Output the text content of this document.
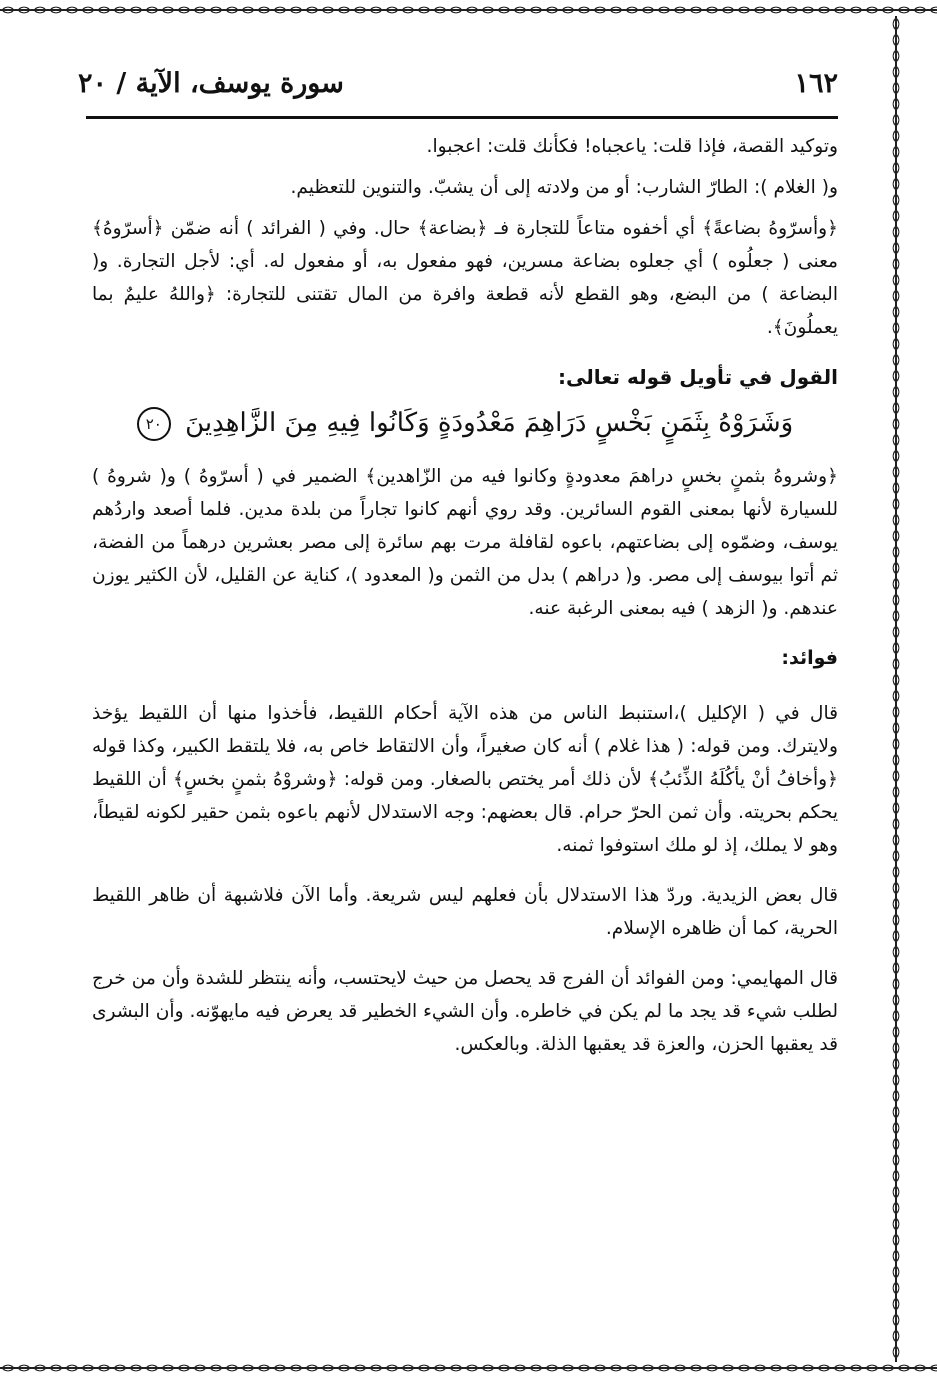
سورة يوسف، الآية / ٢٠	١٦٢

وتوكيد القصة، فإذا قلت: ياعجباه! فكأنك قلت: اعجبوا.

و( الغلام ): الطارّ الشارب: أو من ولادته إلى أن يشبّ. والتنوين للتعظيم.

﴿وأسرّوهُ بضاعةً﴾ أي أخفوه متاعاً للتجارة فـ ﴿بضاعة﴾ حال. وفي ( الفرائد ) أنه ضمّن ﴿أسرّوهُ﴾ معنى ( جعلُوه ) أي جعلوه بضاعة مسرين، فهو مفعول به، أو مفعول له. أي: لأجل التجارة. و( البضاعة ) من البضع، وهو القطع لأنه قطعة وافرة من المال تقتنى للتجارة: ﴿واللهُ عليمٌ بما يعملُونَ﴾.

القول في تأويل قوله تعالى:
وَشَرَوْهُ بِثَمَنٍ بَخْسٍ دَرَاهِمَ مَعْدُودَةٍ وَكَانُوا فِيهِ مِنَ الزَّاهِدِينَ ٢٠

﴿وشروهُ بثمنٍ بخسٍ دراهمَ معدودةٍ وكانوا فيه من الزّاهدين﴾ الضمير في ( أسرّوهُ ) و( شروهُ ) للسيارة لأنها بمعنى القوم السائرين. وقد روي أنهم كانوا تجاراً من بلدة مدين. فلما أصعد واردُهم يوسف، وضمّوه إلى بضاعتهم، باعوه لقافلة مرت بهم سائرة إلى مصر بعشرين درهماً من الفضة، ثم أتوا بيوسف إلى مصر. و( دراهم ) بدل من الثمن و( المعدود )، كناية عن القليل، لأن الكثير يوزن عندهم. و( الزهد ) فيه بمعنى الرغبة عنه.

فوائد:

قال في ( الإكليل )،استنبط الناس من هذه الآية أحكام اللقيط، فأخذوا منها أن اللقيط يؤخذ ولايترك. ومن قوله: ( هذا غلام ) أنه كان صغيراً، وأن الالتقاط خاص به، فلا يلتقط الكبير، وكذا قوله ﴿وأخافُ أنْ يأكُلَهُ الذِّئبُ﴾ لأن ذلك أمر يختص بالصغار. ومن قوله: ﴿وشروْهُ بثمنٍ بخسٍ﴾ أن اللقيط يحكم بحريته. وأن ثمن الحرّ حرام. قال بعضهم: وجه الاستدلال لأنهم باعوه بثمن حقير لكونه لقيطاً، وهو لا يملك، إذ لو ملك استوفوا ثمنه.

قال بعض الزيدية. وردّ هذا الاستدلال بأن فعلهم ليس شريعة. وأما الآن فلاشبهة أن ظاهر اللقيط الحرية، كما أن ظاهره الإسلام.

قال المهايمي: ومن الفوائد أن الفرج قد يحصل من حيث لايحتسب، وأنه ينتظر للشدة وأن من خرج لطلب شيء قد يجد ما لم يكن في خاطره. وأن الشيء الخطير قد يعرض فيه مايهوّنه. وأن البشرى قد يعقبها الحزن، والعزة قد يعقبها الذلة. وبالعكس.
